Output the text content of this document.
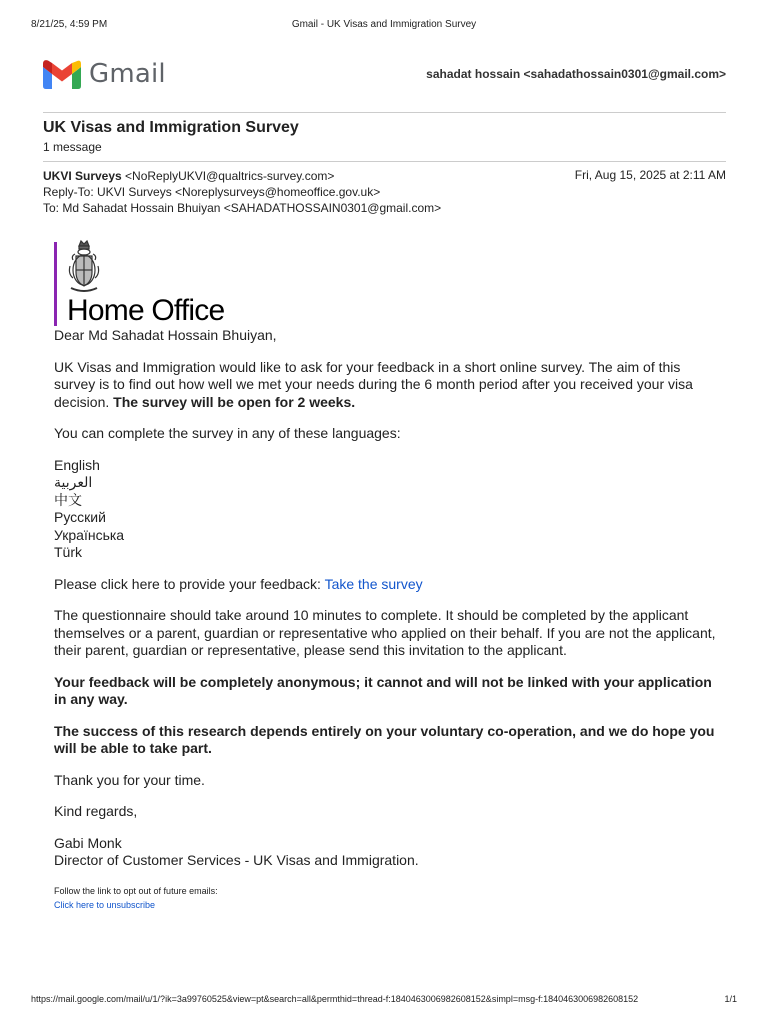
8/21/25, 4:59 PM	Gmail - UK Visas and Immigration Survey
Gmail	sahadat hossain <sahadathossain0301@gmail.com>
UK Visas and Immigration Survey
1 message
UKVI Surveys <NoReplyUKVI@qualtrics-survey.com>
Reply-To: UKVI Surveys <Noreplysurveys@homeoffice.gov.uk>
To: Md Sahadat Hossain Bhuiyan <SAHADATHOSSAIN0301@gmail.com>
Fri, Aug 15, 2025 at 2:11 AM
Home Office

Dear Md Sahadat Hossain Bhuiyan,

UK Visas and Immigration would like to ask for your feedback in a short online survey. The aim of this survey is to find out how well we met your needs during the 6 month period after you received your visa decision. The survey will be open for 2 weeks.

You can complete the survey in any of these languages:

English
العربية
中文
Русский
Українська
Türk

Please click here to provide your feedback: Take the survey

The questionnaire should take around 10 minutes to complete. It should be completed by the applicant themselves or a parent, guardian or representative who applied on their behalf. If you are not the applicant, their parent, guardian or representative, please send this invitation to the applicant.

Your feedback will be completely anonymous; it cannot and will not be linked with your application in any way.

The success of this research depends entirely on your voluntary co-operation, and we do hope you will be able to take part.

Thank you for your time.

Kind regards,

Gabi Monk

Director of Customer Services - UK Visas and Immigration.

Follow the link to opt out of future emails:
Click here to unsubscribe
https://mail.google.com/mail/u/1/?ik=3a99760525&view=pt&search=all&permthid=thread-f:1840463006982608152&simpl=msg-f:1840463006982608152	1/1
